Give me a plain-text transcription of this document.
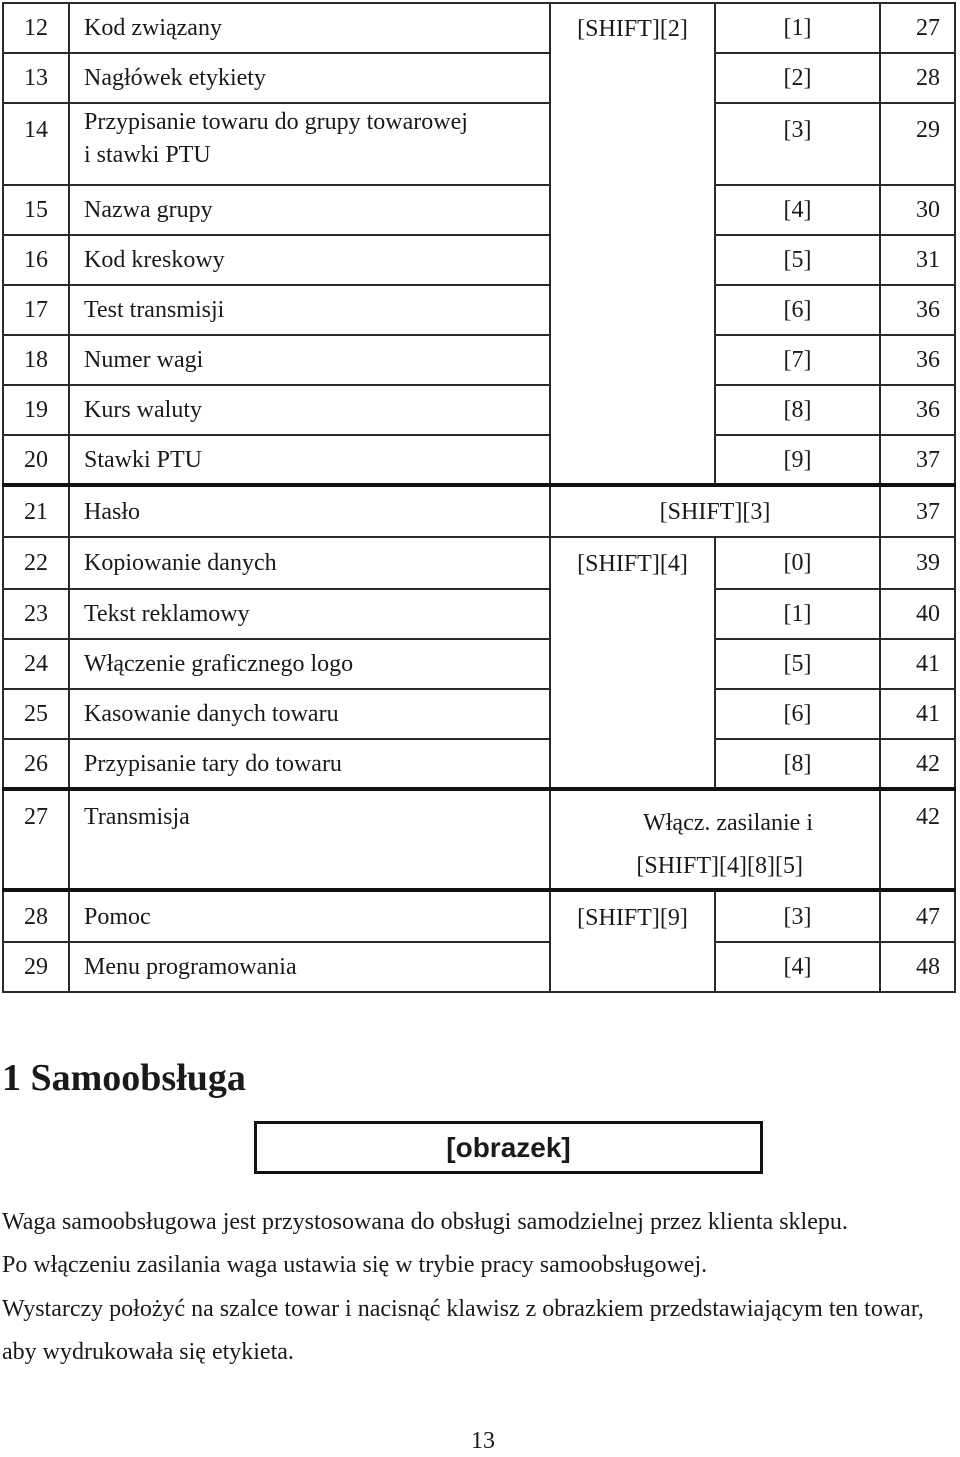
12	Kod związany	[SHIFT][2]	[1]	27
13	Nagłówek etykiety		[2]	28
14	Przypisanie towaru do grupy towarowej
i stawki PTU		[3]	29
15	Nazwa grupy		[4]	30
16	Kod kreskowy		[5]	31
17	Test transmisji		[6]	36
18	Numer wagi		[7]	36
19	Kurs waluty		[8]	36
20	Stawki PTU		[9]	37
21	Hasło	[SHIFT][3]		37
22	Kopiowanie danych	[SHIFT][4]	[0]	39
23	Tekst reklamowy		[1]	40
24	Włączenie graficznego logo		[5]	41
25	Kasowanie danych towaru		[6]	41
26	Przypisanie tary do towaru		[8]	42
27	Transmisja	Włącz. zasilanie i
[SHIFT][4][8][5]		42
28	Pomoc	[SHIFT][9]	[3]	47
29	Menu programowania		[4]	48
1 Samoobsługa
[obrazek]

Waga samoobsługowa jest przystosowana do obsługi samodzielnej przez klienta sklepu.

Po włączeniu zasilania waga ustawia się w trybie pracy samoobsługowej.

Wystarczy położyć na szalce towar i nacisnąć klawisz z obrazkiem przedstawiającym ten towar, aby wydrukowała się etykieta.

13
